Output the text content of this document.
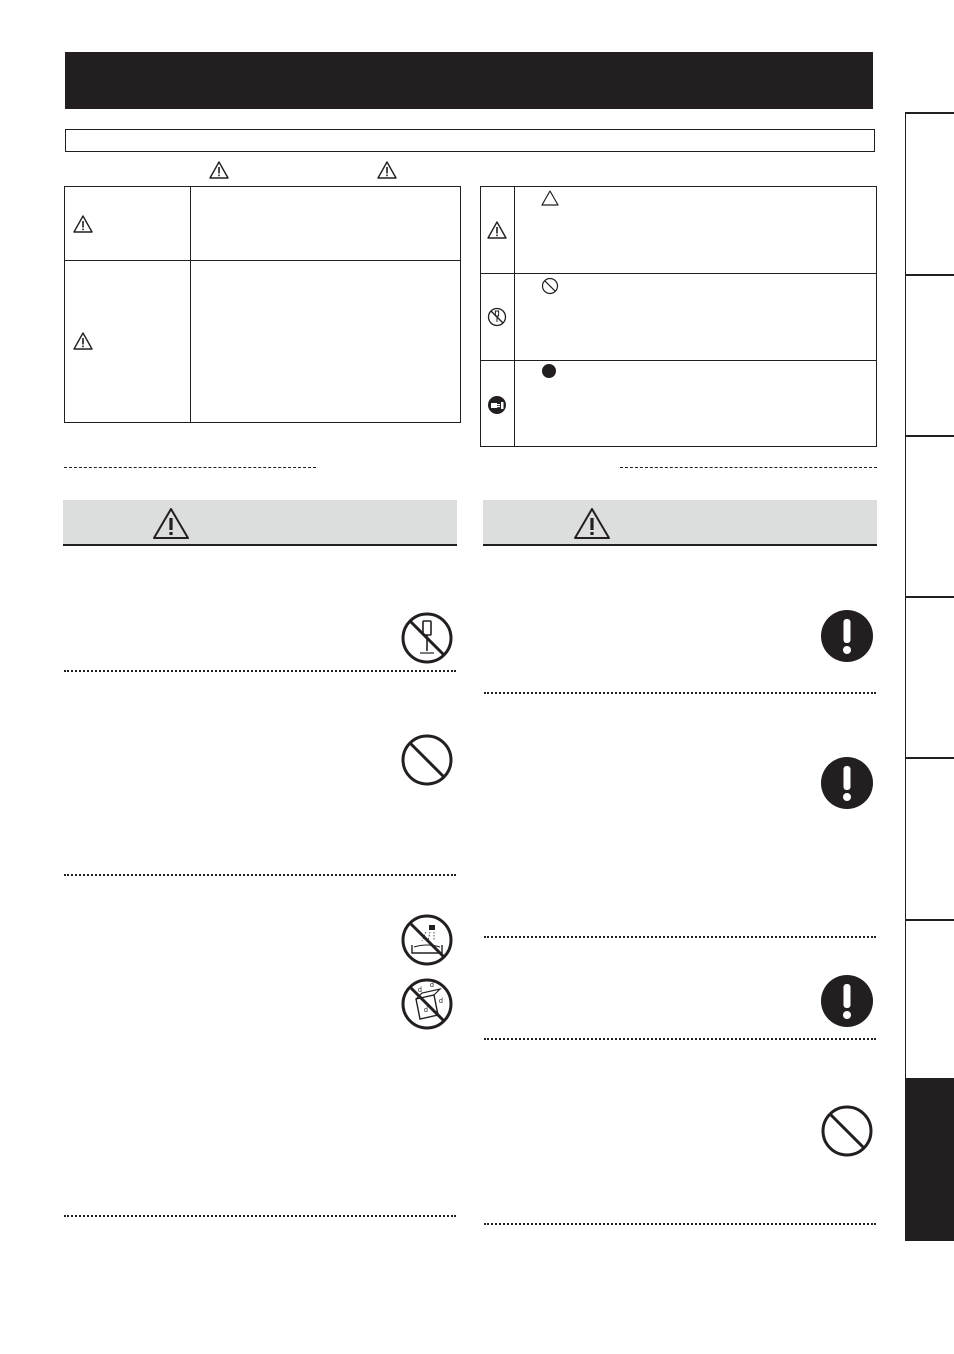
d
d
d
d
